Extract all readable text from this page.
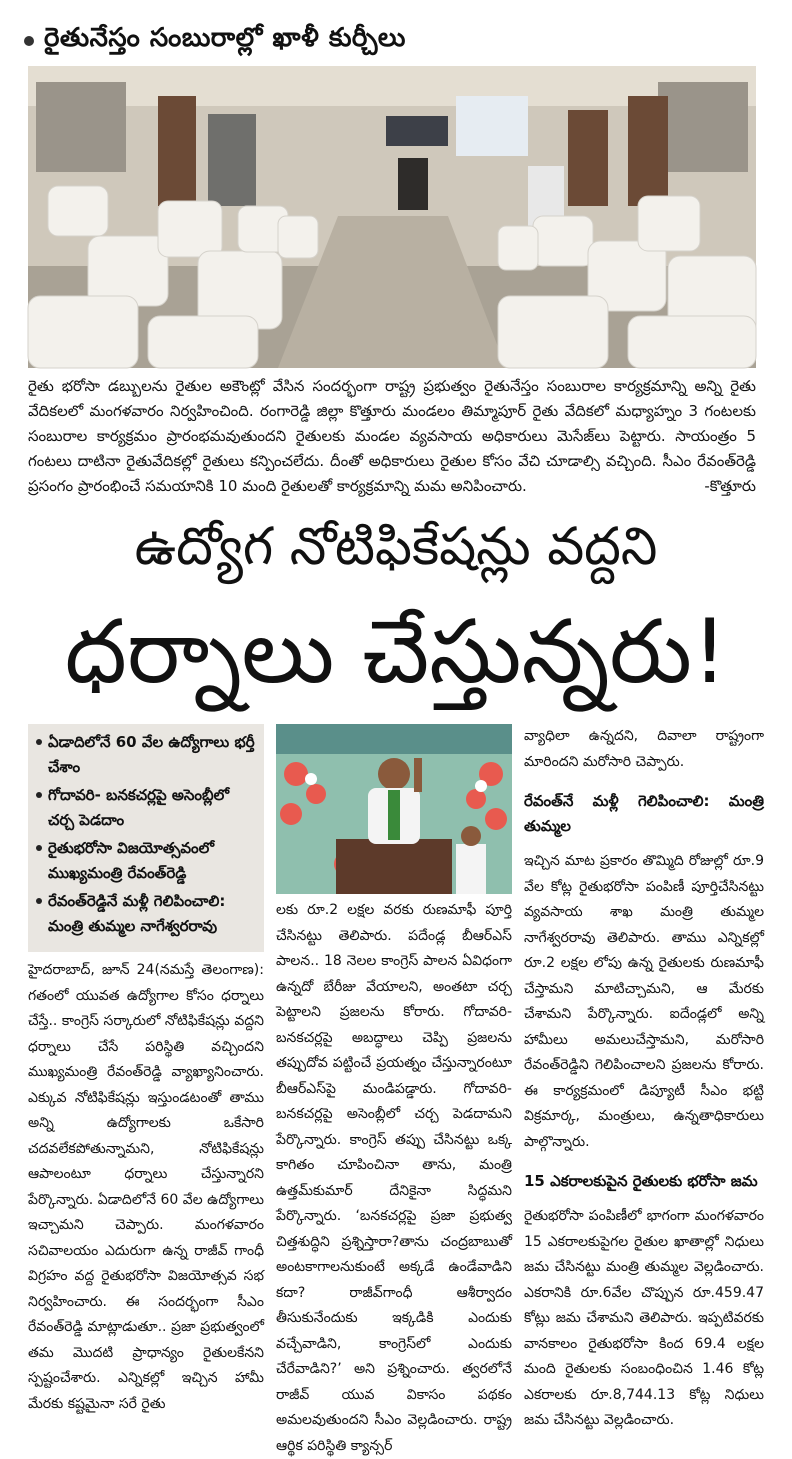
రైతునేస్తం సంబురాల్లో ఖాళీ కుర్చీలు
రైతు భరోసా డబ్బులను రైతుల అకౌంట్లో వేసిన సందర్భంగా రాష్ట్ర ప్రభుత్వం రైతునేస్తం సంబురాల కార్యక్రమాన్ని అన్ని రైతు వేదికలలో మంగళవారం నిర్వహించింది. రంగారెడ్డి జిల్లా కొత్తూరు మండలం తిమ్మాపూర్ రైతు వేదికలో మధ్యాహ్నం 3 గంటలకు సంబురాల కార్యక్రమం ప్రారంభమవుతుందని రైతులకు మండల వ్యవసాయ అధికారులు మెసేజ్‌లు పెట్టారు. సాయంత్రం 5 గంటలు దాటినా రైతువేదికల్లో రైతులు కన్పించలేదు. దీంతో అధికారులు రైతుల కోసం వేచి చూడాల్సి వచ్చింది. సీఎం రేవంత్‌రెడ్డి ప్రసంగం ప్రారంభించే సమయానికి 10 మంది రైతులతో కార్యక్రమాన్ని మమ అనిపించారు.	-కొత్తూరు
ఉద్యోగ నోటిఫికేషన్లు వద్దని
ధర్నాలు చేస్తున్నరు!
ఏడాదిలోనే 60 వేల ఉద్యోగాలు భర్తీ చేశాం
గోదావరి- బనకచర్లపై అసెంబ్లీలో చర్చ పెడదాం
రైతుభరోసా విజయోత్సవంలో ముఖ్యమంత్రి రేవంత్‌రెడ్డి
రేవంత్‌రెడ్డినే మళ్లీ గెలిపించాలి: మంత్రి తుమ్మల నాగేశ్వరరావు

హైదరాబాద్, జూన్ 24(నమస్తే తెలంగాణ): గతంలో యువత ఉద్యోగాల కోసం ధర్నాలు చేస్తే.. కాంగ్రెస్ సర్కారులో నోటిఫికేషన్లు వద్దని ధర్నాలు చేసే పరిస్థితి వచ్చిందని ముఖ్యమంత్రి రేవంత్‌రెడ్డి వ్యాఖ్యానించారు. ఎక్కువ నోటిఫికేషన్లు ఇస్తుండటంతో తాము అన్ని ఉద్యోగాలకు ఒకేసారి చదవలేకపోతున్నామని, నోటిఫికేషన్లు ఆపాలంటూ ధర్నాలు చేస్తున్నారని పేర్కొన్నారు. ఏడాదిలోనే 60 వేల ఉద్యోగాలు ఇచ్చామని చెప్పారు. మంగళవారం సచివాలయం ఎదురుగా ఉన్న రాజీవ్ గాంధీ విగ్రహం వద్ద రైతుభరోసా విజయోత్సవ సభ నిర్వహించారు. ఈ సందర్భంగా సీఎం రేవంత్‌రెడ్డి మాట్లాడుతూ.. ప్రజా ప్రభుత్వంలో తమ మొదటి ప్రాధాన్యం రైతులకేనని స్పష్టంచేశారు. ఎన్నికల్లో ఇచ్చిన హామీ మేరకు కష్టమైనా సరే రైతు

లకు రూ.2 లక్షల వరకు రుణమాఫీ పూర్తి చేసినట్టు తెలిపారు. పదేండ్ల బీఆర్ఎస్ పాలన.. 18 నెలల కాంగ్రెస్ పాలన ఏవిధంగా ఉన్నదో బేరీజు వేయాలని, అంతటా చర్చ పెట్టాలని ప్రజలను కోరారు. గోదావరి-బనకచర్లపై అబద్ధాలు చెప్పి ప్రజలను తప్పుదోవ పట్టించే ప్రయత్నం చేస్తున్నారంటూ బీఆర్ఎస్‌పై మండిపడ్డారు. గోదావరి-బనకచర్లపై అసెంబ్లీలో చర్చ పెడదామని పేర్కొన్నారు. కాంగ్రెస్ తప్పు చేసినట్టు ఒక్క కాగితం చూపించినా తాను, మంత్రి ఉత్తమ్‌కుమార్ దేనికైనా సిద్ధమని పేర్కొన్నారు. ‘బనకచర్లపై ప్రజా ప్రభుత్వ చిత్తశుద్ధిని ప్రశ్నిస్తారా?తాను చంద్రబాబుతో అంటకాగాలనుకుంటే అక్కడే ఉండేవాడిని కదా? రాజీవ్‌గాంధీ ఆశీర్వాదం తీసుకునేందుకు ఇక్కడికి ఎందుకు వచ్చేవాడిని, కాంగ్రెస్‌లో ఎందుకు చేరేవాడిని?’ అని ప్రశ్నించారు. త్వరలోనే రాజీవ్ యువ వికాసం పథకం అమలవుతుందని సీఎం వెల్లడించారు. రాష్ట్ర ఆర్థిక పరిస్థితి క్యాన్సర్

వ్యాధిలా ఉన్నదని, దివాలా రాష్ట్రంగా మారిందని మరోసారి చెప్పారు.

రేవంత్‌నే మళ్లీ గెలిపించాలి: మంత్రి తుమ్మల

ఇచ్చిన మాట ప్రకారం తొమ్మిది రోజుల్లో రూ.9 వేల కోట్ల రైతుభరోసా పంపిణీ పూర్తిచేసినట్టు వ్యవసాయ శాఖ మంత్రి తుమ్మల నాగేశ్వరరావు తెలిపారు. తాము ఎన్నికల్లో రూ.2 లక్షల లోపు ఉన్న రైతులకు రుణమాఫీ చేస్తామని మాటిచ్చామని, ఆ మేరకు చేశామని పేర్కొన్నారు. ఐదేండ్లలో అన్ని హామీలు అమలుచేస్తామని, మరోసారి రేవంత్‌రెడ్డిని గెలిపించాలని ప్రజలను కోరారు. ఈ కార్యక్రమంలో డిప్యూటీ సీఎం భట్టి విక్రమార్క, మంత్రులు, ఉన్నతాధికారులు పాల్గొన్నారు.

15 ఎకరాలకుపైన రైతులకు భరోసా జమ

రైతుభరోసా పంపిణీలో భాగంగా మంగళవారం 15 ఎకరాలకుపైగల రైతుల ఖాతాల్లో నిధులు జమ చేసినట్టు మంత్రి తుమ్మల వెల్లడించారు. ఎకరానికి రూ.6వేల చొప్పున రూ.459.47 కోట్లు జమ చేశామని తెలిపారు. ఇప్పటివరకు వానకాలం రైతుభరోసా కింద 69.4 లక్షల మంది రైతులకు సంబంధించిన 1.46 కోట్ల ఎకరాలకు రూ.8,744.13 కోట్ల నిధులు జమ చేసినట్టు వెల్లడించారు.
